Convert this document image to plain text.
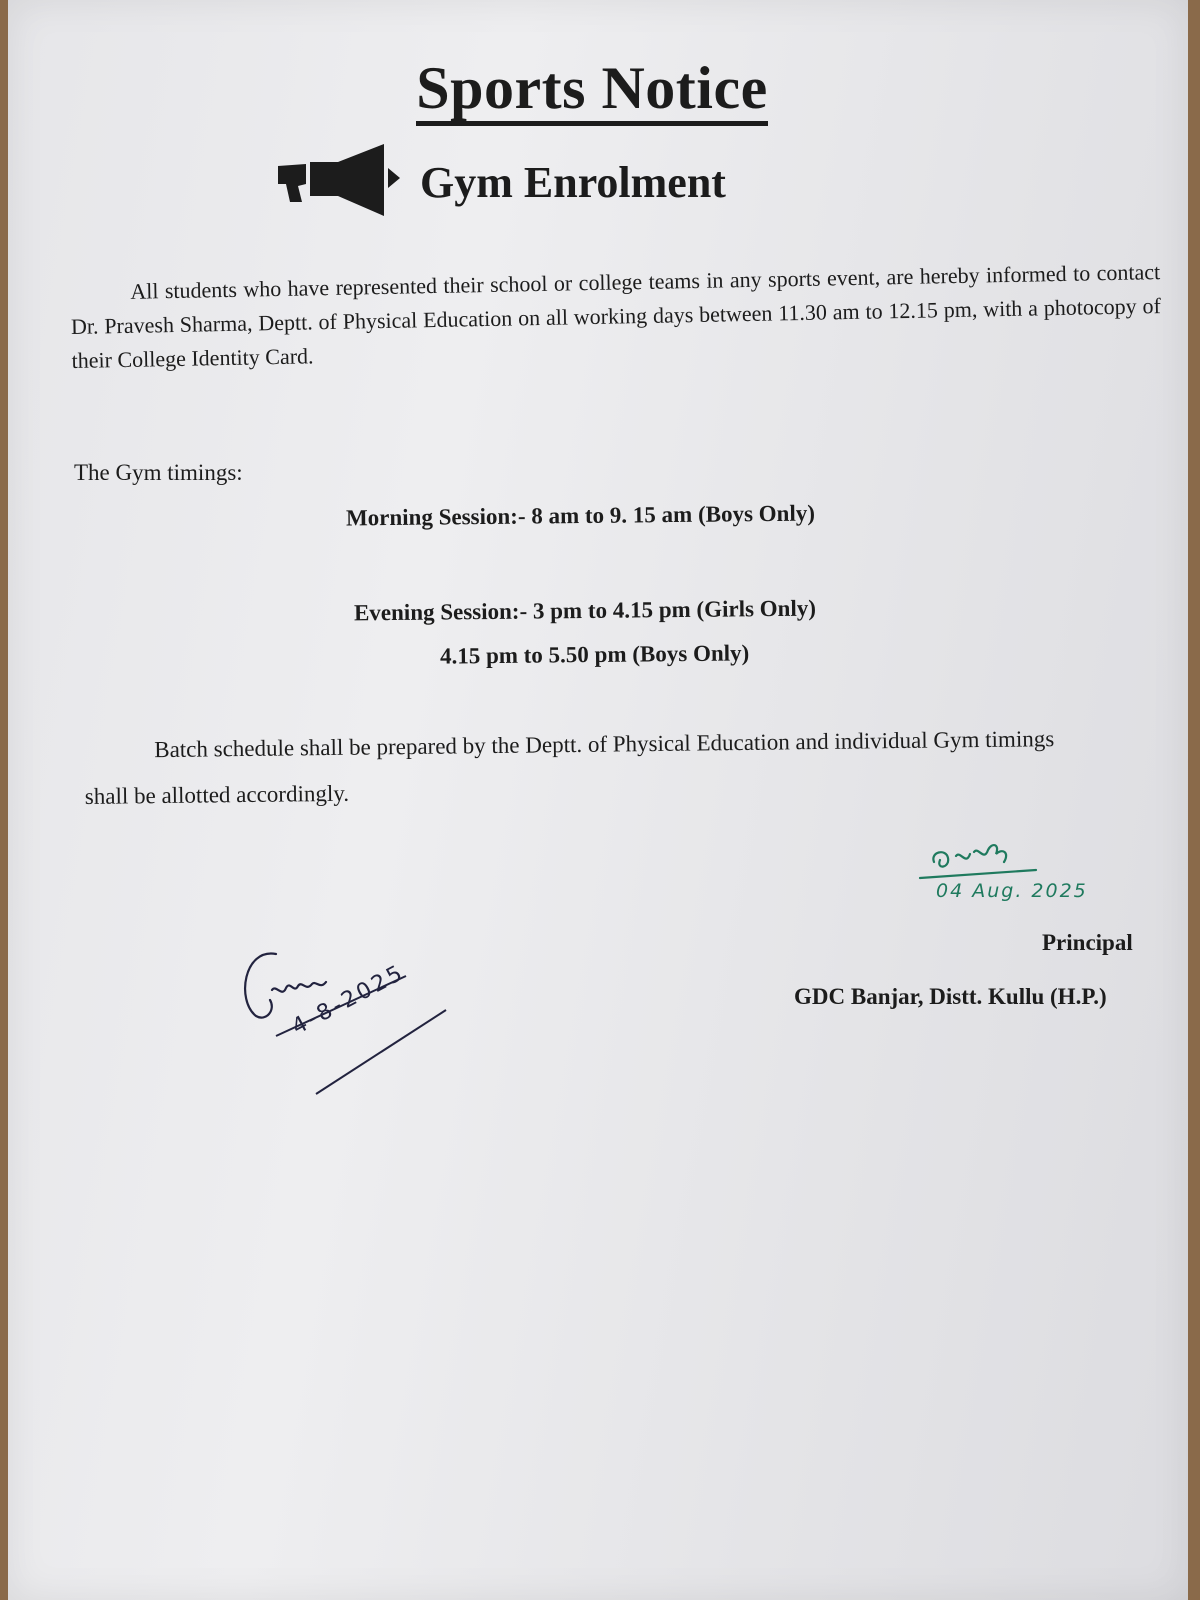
Sports Notice
Gym Enrolment
All students who have represented their school or college teams in any sports event, are hereby informed to contact Dr. Pravesh Sharma, Deptt. of Physical Education on all working days between 11.30 am to 12.15 pm, with a photocopy of their College Identity Card.
The Gym timings:
Morning Session:- 8 am to 9. 15 am (Boys Only)
Evening Session:- 3 pm to 4.15 pm (Girls Only)
4.15 pm to 5.50 pm (Boys Only)
Batch schedule shall be prepared by the Deptt. of Physical Education and individual Gym timings shall be allotted accordingly.
04 Aug. 2025
Principal
GDC Banjar, Distt. Kullu (H.P.)
4-8-2025
